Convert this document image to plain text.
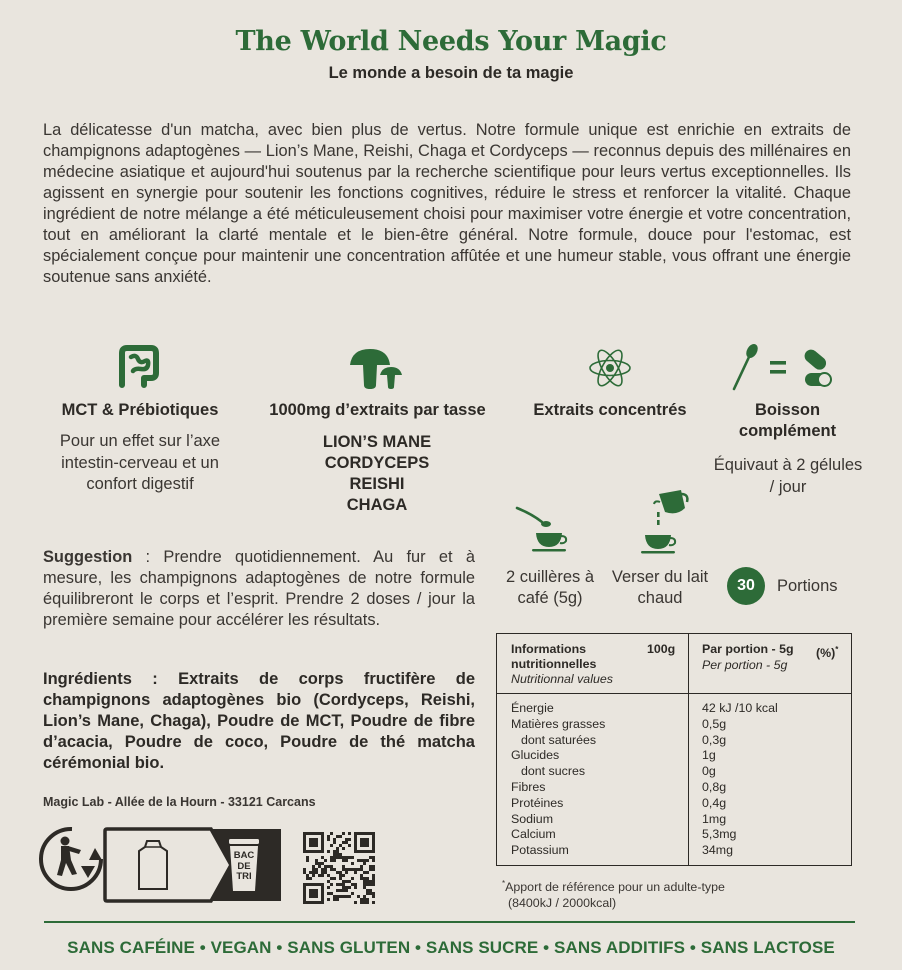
The World Needs Your Magic
Le monde a besoin de ta magie
La délicatesse d'un matcha, avec bien plus de vertus. Notre formule unique est enrichie en extraits de champignons adaptogènes — Lion’s Mane, Reishi, Chaga et Cordyceps — reconnus depuis des millénaires en médecine asiatique et aujourd'hui soutenus par la recherche scientifique pour leurs vertus exceptionnelles. Ils agissent en synergie pour soutenir les fonctions cognitives, réduire le stress et renforcer la vitalité. Chaque ingrédient de notre mélange a été méticuleusement choisi pour maximiser votre énergie et votre concentration, tout en améliorant la clarté mentale et le bien-être général. Notre formule, douce pour l'estomac, est spécialement conçue pour maintenir une concentration affûtée et une humeur stable, vous offrant une énergie soutenue sans anxiété.
MCT & Prébiotiques
Pour un effet sur l’axe intestin-cerveau et un confort digestif
1000mg d’extraits par tasse
LION’S MANE
CORDYCEPS
REISHI
CHAGA
Extraits concentrés	Boisson complément
Équivaut à 2 gélules / jour
Suggestion : Prendre quotidiennement. Au fur et à mesure, les champignons adaptogènes de notre formule équilibreront le corps et l’esprit. Prendre 2 doses / jour la première semaine pour accélérer les résultats.
Ingrédients : Extraits de corps fructifère de champignons adaptogènes bio (Cordyceps, Reishi, Lion’s Mane, Chaga), Poudre de MCT, Poudre de fibre d’acacia, Poudre de coco, Poudre de thé matcha cérémonial bio.
Magic Lab - Allée de la Hourn - 33121 Carcans
2 cuillères à café (5g)
Verser du lait chaud
30	Portions
Informations
nutritionnelles
Nutritionnal values
100g Par portion - 5g (%)*
Per portion - 5g
Énergie
Matières grasses
dont saturées
Glucides
dont sucres
Fibres
Protéines
Sodium
Calcium
Potassium
42 kJ /10 kcal
0,5g
0,3g
1g
0g
0,8g
0,4g
1mg
5,3mg
34mg
*Apport de référence pour un adulte-type
(8400kJ / 2000kcal)
BAC
DE
TRI
SANS CAFÉINE • VEGAN • SANS GLUTEN • SANS SUCRE • SANS ADDITIFS • SANS LACTOSE
